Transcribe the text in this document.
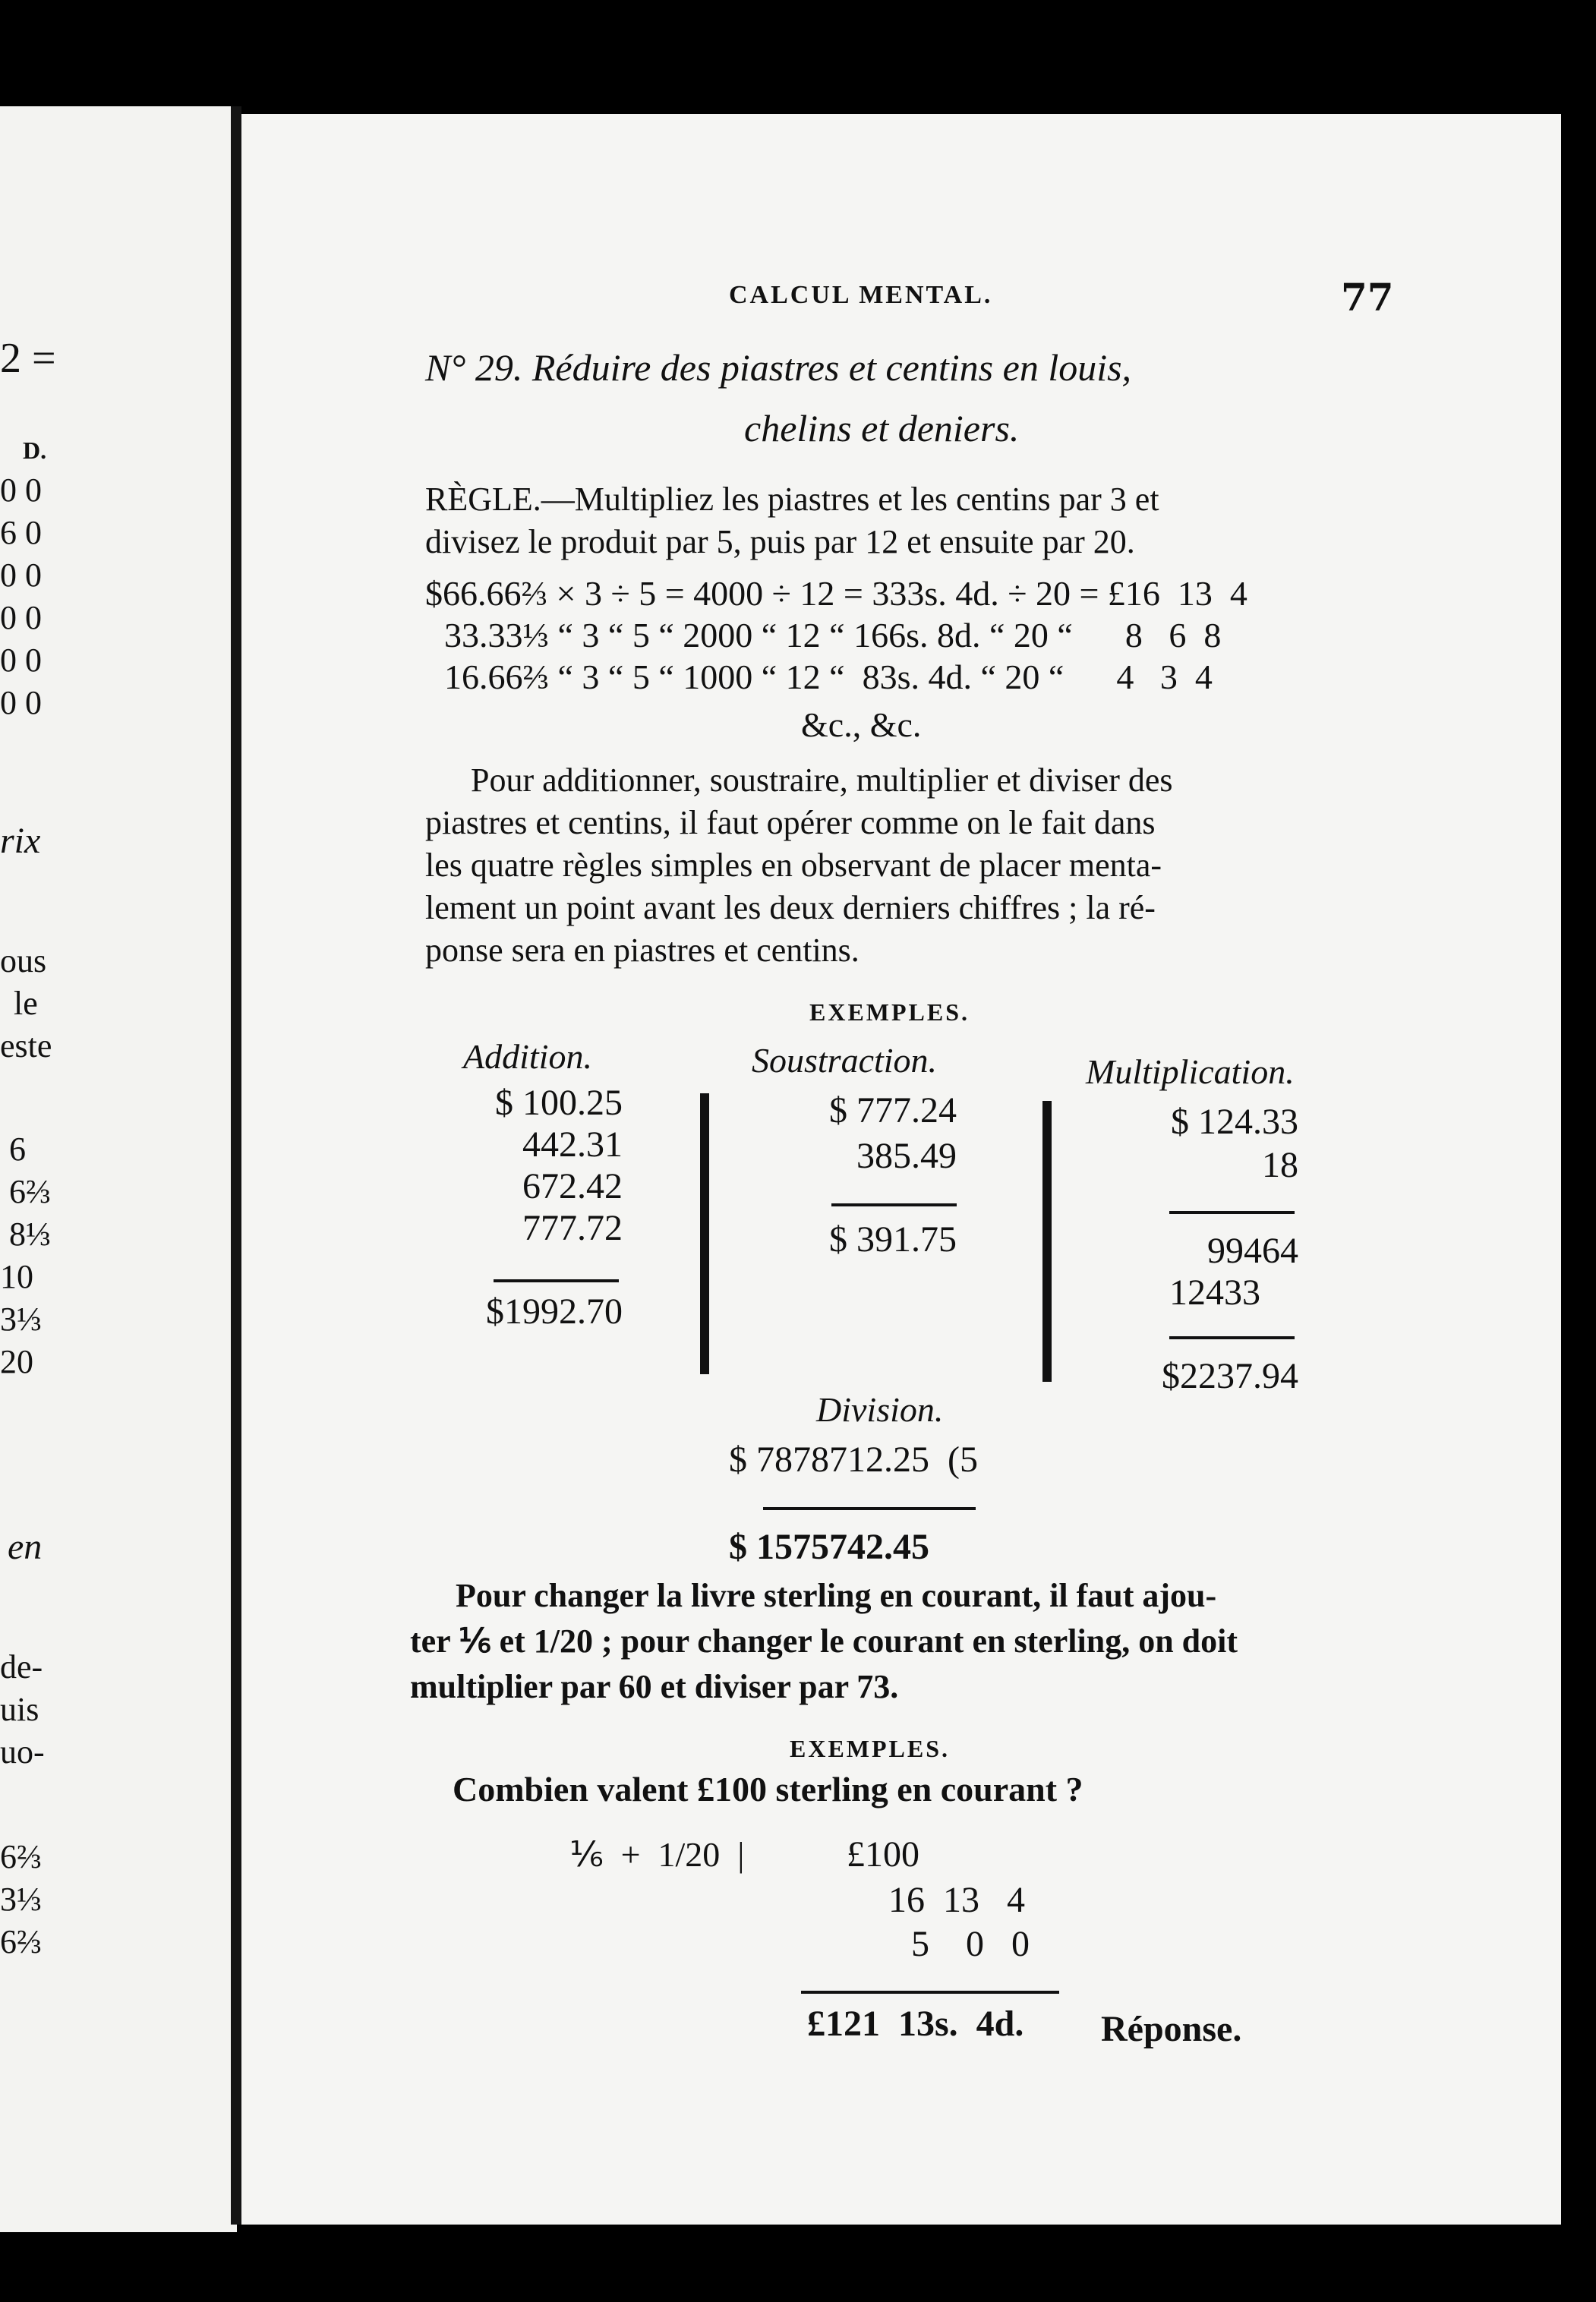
2 =
D.
0 0
6 0
0 0
0 0
0 0
0 0
rix
ous
le
este
6
6⅔
8⅓
10
3⅓
20
en
de-
uis
uo-
6⅔
3⅓
6⅔
CALCUL MENTAL.	77
N° 29. Réduire des piastres et centins en louis,
chelins et deniers.
RÈGLE.—Multipliez les piastres et les centins par 3 et
divisez le produit par 5, puis par 12 et ensuite par 20.
$66.66⅔ × 3 ÷ 5 = 4000 ÷ 12 = 333s. 4d. ÷ 20 = £16  13  4
33.33⅓ “ 3 “ 5 “ 2000 “ 12 “ 166s. 8d. “ 20 “      8   6  8
16.66⅔ “ 3 “ 5 “ 1000 “ 12 “  83s. 4d. “ 20 “      4   3  4
&c., &c.
Pour additionner, soustraire, multiplier et diviser des
piastres et centins, il faut opérer comme on le fait dans
les quatre règles simples en observant de placer menta-
lement un point avant les deux derniers chiffres ; la ré-
ponse sera en piastres et centins.
EXEMPLES.
Addition.
$ 100.25
442.31
672.42
777.72
$1992.70
Soustraction.
$ 777.24
385.49
$ 391.75
Multiplication.
$ 124.33
18
99464
12433
$2237.94
Division.
$ 7878712.25  (5
$ 1575742.45
Pour changer la livre sterling en courant, il faut ajou-
ter ⅙ et 1/20 ; pour changer le courant en sterling, on doit
multiplier par 60 et diviser par 73.
EXEMPLES.
Combien valent £100 sterling en courant ?
⅙  +  1/20  |	£100
16  13   4
5    0   0
£121  13s.  4d. Réponse.
